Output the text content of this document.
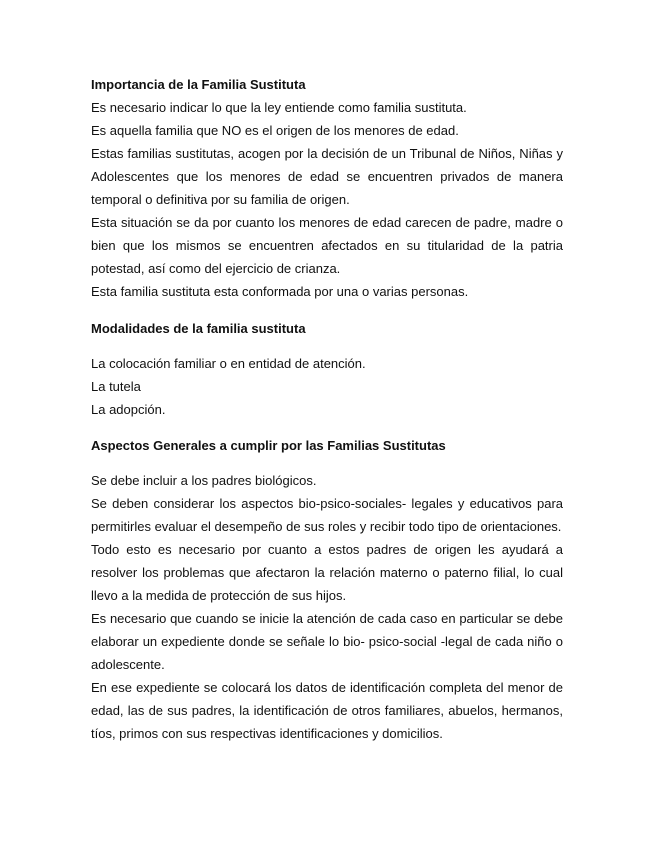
Importancia de la Familia Sustituta

Es necesario indicar lo que la ley entiende como familia sustituta.

Es aquella familia que NO es el origen de los menores de edad.

Estas familias sustitutas, acogen por la decisión de un Tribunal de Niños, Niñas y Adolescentes que los menores de edad se encuentren privados de manera temporal o definitiva por su familia de origen.

Esta situación se da por cuanto los menores de edad carecen de padre, madre o bien que los mismos se encuentren afectados en su titularidad de la patria potestad, así como del ejercicio de crianza.

Esta familia sustituta esta conformada por una o varias personas.

Modalidades de la familia sustituta

La colocación familiar o en entidad de atención.

La tutela

La adopción.

Aspectos Generales a cumplir por las Familias Sustitutas

Se debe incluir a los padres biológicos.

Se deben considerar los aspectos bio-psico-sociales- legales y educativos para permitirles evaluar el desempeño de sus roles y recibir todo tipo de orientaciones.

Todo esto es necesario por cuanto a estos padres de origen les ayudará a resolver los problemas que afectaron la relación materno o paterno filial, lo cual llevo a la medida de protección de sus hijos.

Es necesario que cuando se inicie la atención de cada caso en particular se debe elaborar un expediente donde se señale lo bio- psico-social -legal de cada niño o adolescente.

En ese expediente se colocará los datos de identificación completa del menor de edad, las de sus padres, la identificación de otros familiares, abuelos, hermanos, tíos, primos con sus respectivas identificaciones y domicilios.
